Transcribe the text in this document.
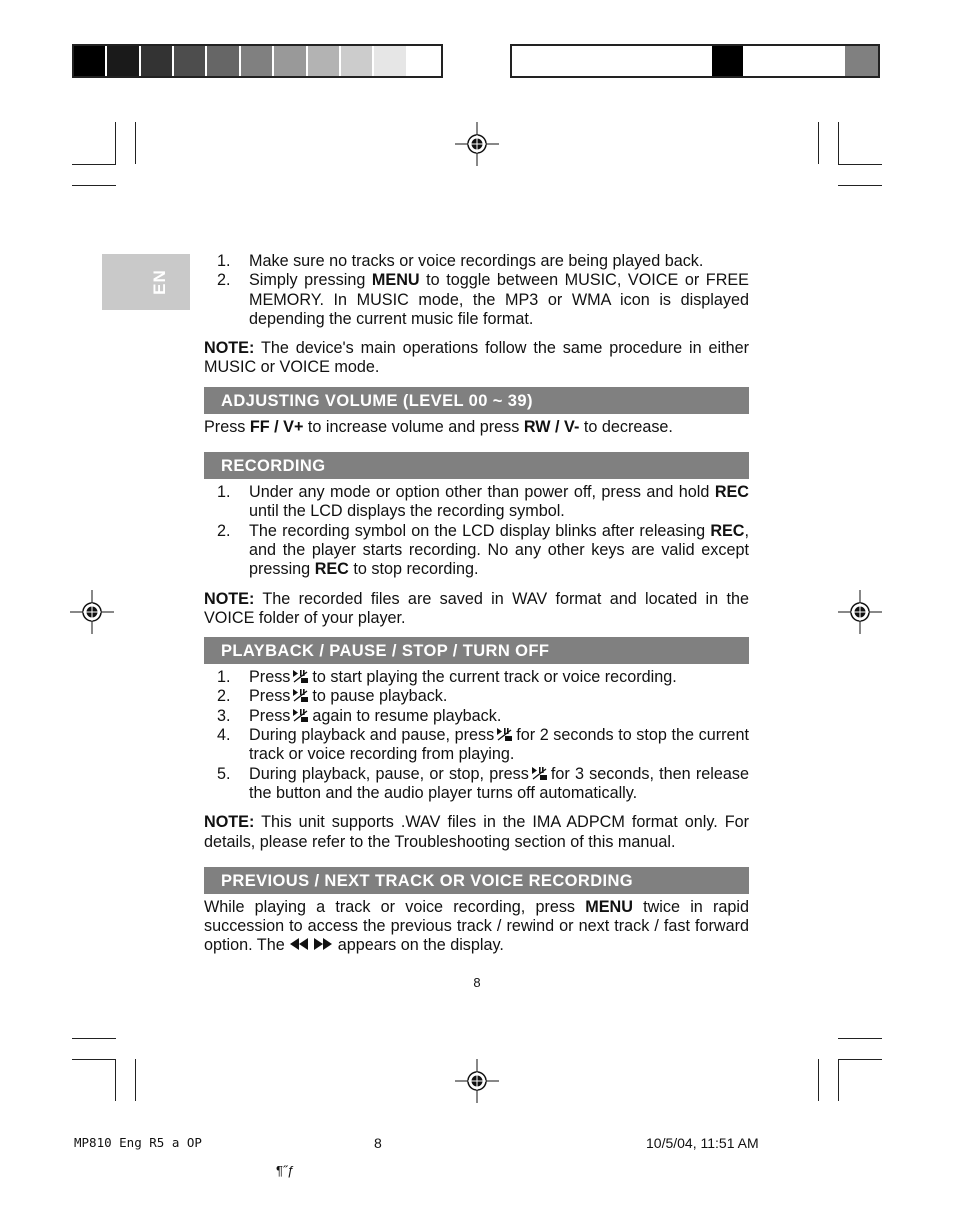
EN
1. Make sure no tracks or voice recordings are being played back.
2. Simply pressing MENU to toggle between MUSIC, VOICE or FREE MEMORY. In MUSIC mode, the MP3 or WMA icon is displayed depending the current music file format.

NOTE: The device's main operations follow the same procedure in either MUSIC or VOICE mode.

ADJUSTING VOLUME (LEVEL 00 ~ 39)

Press FF / V+ to increase volume and press RW / V- to decrease.

RECORDING
1. Under any mode or option other than power off, press and hold REC until the LCD displays the recording symbol.
2. The recording symbol on the LCD display blinks after releasing REC, and the player starts recording. No any other keys are valid except pressing REC to stop recording.

NOTE: The recorded files are saved in WAV format and located in the VOICE folder of your player.

PLAYBACK / PAUSE / STOP / TURN OFF
1. Press to start playing the current track or voice recording.
2. Press to pause playback.
3. Press again to resume playback.
4. During playback and pause, press for 2 seconds to stop the current track or voice recording from playing.
5. During playback, pause, or stop, press for 3 seconds, then release the button and the audio player turns off automatically.

NOTE: This unit supports .WAV files in the IMA ADPCM format only. For details, please refer to the Troubleshooting section of this manual.

PREVIOUS / NEXT TRACK OR VOICE RECORDING

While playing a track or voice recording, press MENU twice in rapid succession to access the previous track / rewind or next track / fast forward option. The	appears on the display.

8
MP810 Eng R5 a OP	8	10/5/04, 11:51 AM
¶˝ƒ
